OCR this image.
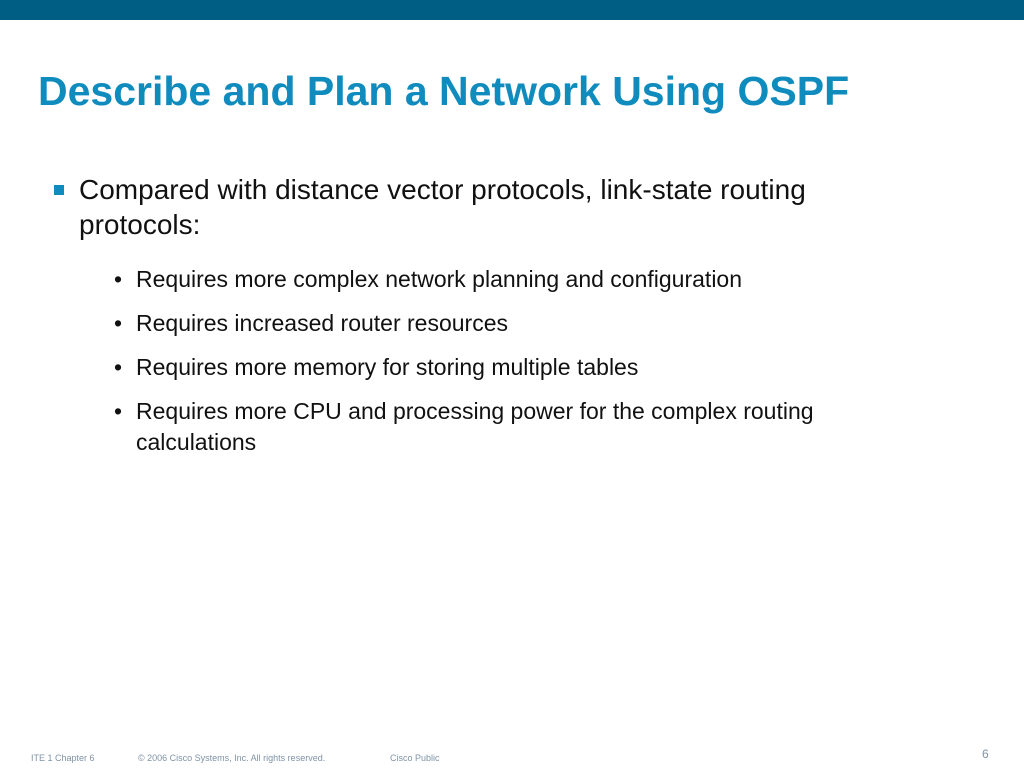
Describe and Plan a Network Using OSPF
Compared with distance vector protocols, link-state routing protocols:
• Requires more complex network planning and configuration
• Requires increased router resources
• Requires more memory for storing multiple tables
• Requires more CPU and processing power for the complex routing calculations
ITE 1 Chapter 6	© 2006 Cisco Systems, Inc. All rights reserved.	Cisco Public	6
